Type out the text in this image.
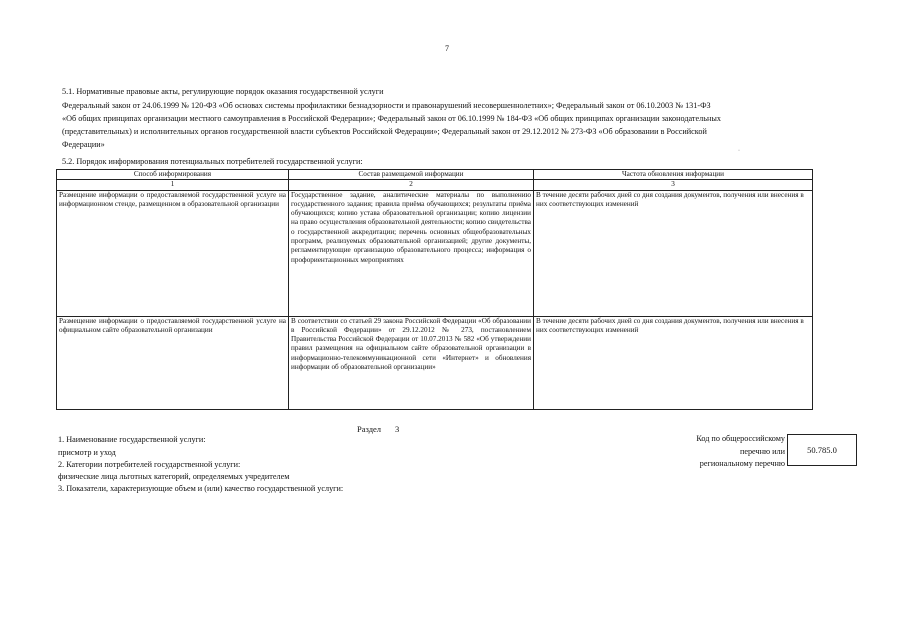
7
5.1. Нормативные правовые акты, регулирующие порядок оказания государственной услуги
Федеральный закон от 24.06.1999 № 120-ФЗ «Об основах системы профилактики безнадзорности и правонарушений несовершеннолетних»; Федеральный закон от 06.10.2003 № 131-ФЗ
«Об общих принципах организации местного самоуправления в Российской Федерации»; Федеральный закон от 06.10.1999 № 184-ФЗ «Об общих принципах организации законодательных
(представительных) и исполнительных органов государственной власти субъектов Российской Федерации»; Федеральный закон от 29.12.2012 № 273-ФЗ «Об образовании в Российской
Федерации»
·
5.2. Порядок информирования потенциальных потребителей государственной услуги:
Способ информирования	Состав размещаемой информации	Частота обновления информации
1	2	3
Размещение информации о предоставляемой государственной услуге на информационном стенде, размещенном в образовательной организации	Государственное задание, аналитические материалы по выполнению государственного задания; правила приёма обучающихся; результаты приёма обучающихся; копию устава образовательной организации; копию лицензии на право осуществления образовательной деятельности; копию свидетельства о государственной аккредитации; перечень основных общеобразовательных программ, реализуемых образовательной организацией; другие документы, регламентирующие организацию образовательного процесса; информация о профориентационных мероприятиях	В течение десяти рабочих дней со дня создания документов, получения или внесения в них соответствующих изменений
Размещение информации о предоставляемой государственной услуге на официальном сайте образовательной организации	В соответствии со статьей 29 закона Российской Федерации «Об образовании в Российской Федерации» от 29.12.2012 № 273, постановлением Правительства Российской Федерации от 10.07.2013 № 582 «Об утверждении правил размещения на официальном сайте образовательной организации в информационно-телекоммуникационной сети «Интернет» и обновления информации об образовательной организации»	В течение десяти рабочих дней со дня создания документов, получения или внесения в них соответствующих изменений
Раздел 3
1. Наименование государственной услуги:
присмотр и уход
2. Категории потребителей государственной услуги:
физические лица льготных категорий, определяемых учредителем
3. Показатели, характеризующие объем и (или) качество государственной услуги:
Код по общероссийскому
перечню или
региональному перечню
50.785.0
